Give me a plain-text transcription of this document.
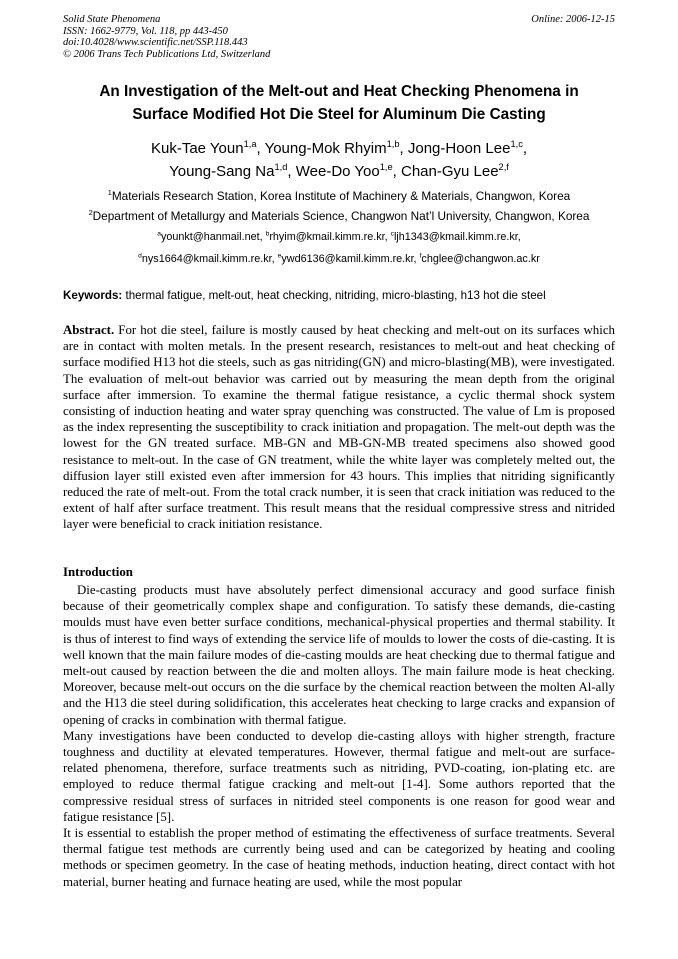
Solid State Phenomena
ISSN: 1662-9779, Vol. 118, pp 443-450
doi:10.4028/www.scientific.net/SSP.118.443
© 2006 Trans Tech Publications Ltd, Switzerland
Online: 2006-12-15
An Investigation of the Melt-out and Heat Checking Phenomena in
Surface Modified Hot Die Steel for Aluminum Die Casting
Kuk-Tae Youn$^{1,a}$, Young-Mok Rhyim$^{1,b}$, Jong-Hoon Lee$^{1,c}$,
Young-Sang Na$^{1,d}$, Wee-Do Yoo$^{1,e}$, Chan-Gyu Lee$^{2,f}$
$^1$Materials Research Station, Korea Institute of Machinery & Materials, Changwon, Korea
$^2$Department of Metallurgy and Materials Science, Changwon Nat’l University, Changwon, Korea
$^a$younkt@hanmail.net, $^b$rhyim@kmail.kimm.re.kr, $^c$ljh1343@kmail.kimm.re.kr,
$^d$nys1664@kmail.kimm.re.kr, $^e$ywd6136@kamil.kimm.re.kr, $^f$chglee@changwon.ac.kr
Keywords: thermal fatigue, melt-out, heat checking, nitriding, micro-blasting, h13 hot die steel

Abstract. For hot die steel, failure is mostly caused by heat checking and melt-out on its surfaces which are in contact with molten metals. In the present research, resistances to melt-out and heat checking of surface modified H13 hot die steels, such as gas nitriding(GN) and micro-blasting(MB), were investigated. The evaluation of melt-out behavior was carried out by measuring the mean depth from the original surface after immersion. To examine the thermal fatigue resistance, a cyclic thermal shock system consisting of induction heating and water spray quenching was constructed. The value of Lm is proposed as the index representing the susceptibility to crack initiation and propagation. The melt-out depth was the lowest for the GN treated surface. MB-GN and MB-GN-MB treated specimens also showed good resistance to melt-out. In the case of GN treatment, while the white layer was completely melted out, the diffusion layer still existed even after immersion for 43 hours. This implies that nitriding significantly reduced the rate of melt-out. From the total crack number, it is seen that crack initiation was reduced to the extent of half after surface treatment. This result means that the residual compressive stress and nitrided layer were beneficial to crack initiation resistance.

Introduction

Die-casting products must have absolutely perfect dimensional accuracy and good surface finish because of their geometrically complex shape and configuration. To satisfy these demands, die-casting moulds must have even better surface conditions, mechanical-physical properties and thermal stability. It is thus of interest to find ways of extending the service life of moulds to lower the costs of die-casting. It is well known that the main failure modes of die-casting moulds are heat checking due to thermal fatigue and melt-out caused by reaction between the die and molten alloys. The main failure mode is heat checking. Moreover, because melt-out occurs on the die surface by the chemical reaction between the molten Al-ally and the H13 die steel during solidification, this accelerates heat checking to large cracks and expansion of opening of cracks in combination with thermal fatigue.

Many investigations have been conducted to develop die-casting alloys with higher strength, fracture toughness and ductility at elevated temperatures. However, thermal fatigue and melt-out are surface-related phenomena, therefore, surface treatments such as nitriding, PVD-coating, ion-plating etc. are employed to reduce thermal fatigue cracking and melt-out [1-4]. Some authors reported that the compressive residual stress of surfaces in nitrided steel components is one reason for good wear and fatigue resistance [5].

It is essential to establish the proper method of estimating the effectiveness of surface treatments. Several thermal fatigue test methods are currently being used and can be categorized by heating and cooling methods or specimen geometry. In the case of heating methods, induction heating, direct contact with hot material, burner heating and furnace heating are used, while the most popular
